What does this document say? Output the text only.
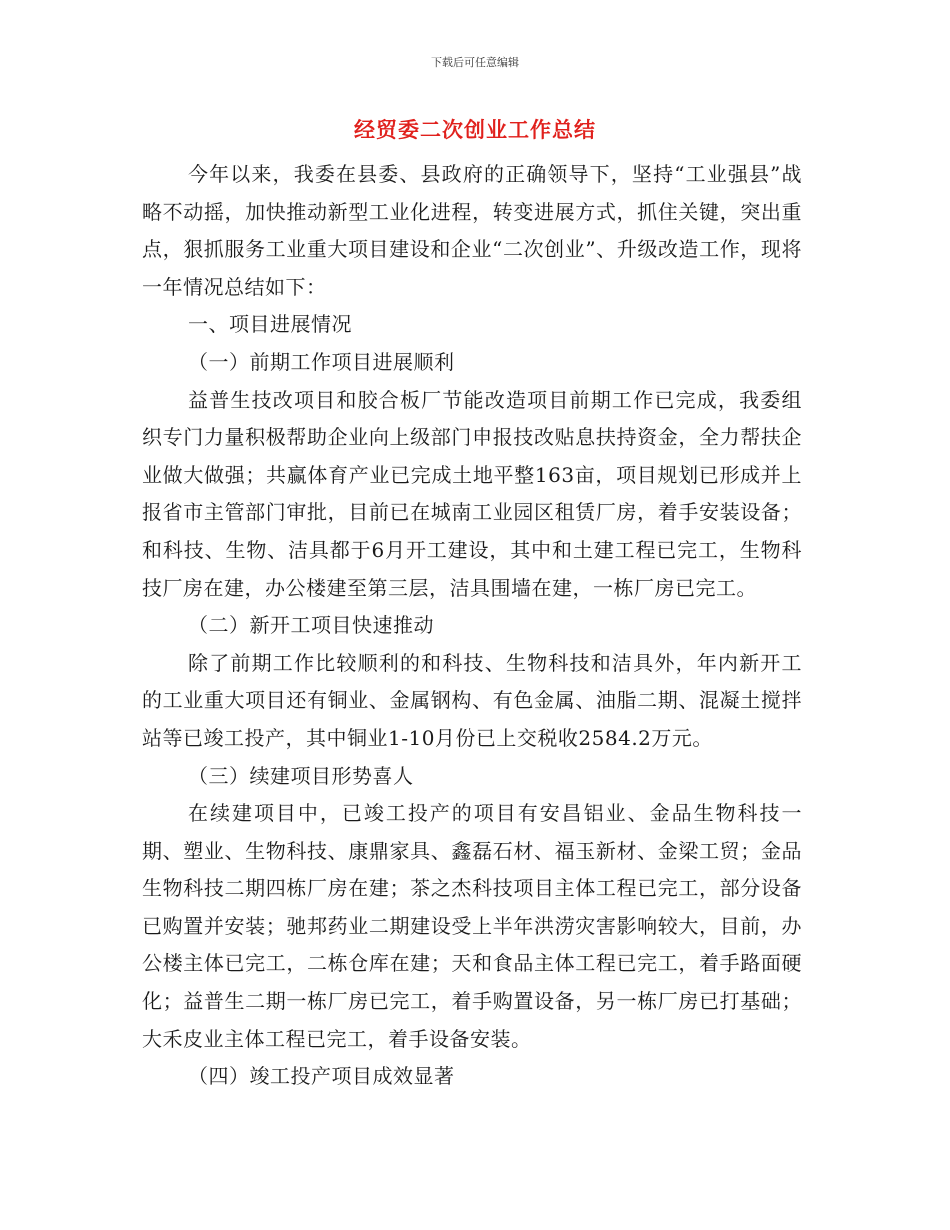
下载后可任意编辑
经贸委二次创业工作总结

今年以来，我委在县委、县政府的正确领导下，坚持“工业强县”战略不动摇，加快推动新型工业化进程，转变进展方式，抓住关键，突出重点，狠抓服务工业重大项目建设和企业“二次创业”、升级改造工作，现将一年情况总结如下：

一、项目进展情况

（一）前期工作项目进展顺利

益普生技改项目和胶合板厂节能改造项目前期工作已完成，我委组织专门力量积极帮助企业向上级部门申报技改贴息扶持资金，全力帮扶企业做大做强；共赢体育产业已完成土地平整163亩，项目规划已形成并上报省市主管部门审批，目前已在城南工业园区租赁厂房，着手安装设备；和科技、生物、洁具都于6月开工建设，其中和土建工程已完工，生物科技厂房在建，办公楼建至第三层，洁具围墙在建，一栋厂房已完工。

（二）新开工项目快速推动

除了前期工作比较顺利的和科技、生物科技和洁具外，年内新开工的工业重大项目还有铜业、金属钢构、有色金属、油脂二期、混凝土搅拌站等已竣工投产，其中铜业1-10月份已上交税收2584.2万元。

（三）续建项目形势喜人

在续建项目中，已竣工投产的项目有安昌铝业、金品生物科技一期、塑业、生物科技、康鼎家具、鑫磊石材、福玉新材、金梁工贸；金品生物科技二期四栋厂房在建；茶之杰科技项目主体工程已完工，部分设备已购置并安装；驰邦药业二期建设受上半年洪涝灾害影响较大，目前，办公楼主体已完工，二栋仓库在建；天和食品主体工程已完工，着手路面硬化；益普生二期一栋厂房已完工，着手购置设备，另一栋厂房已打基础；大禾皮业主体工程已完工，着手设备安装。

（四）竣工投产项目成效显著
